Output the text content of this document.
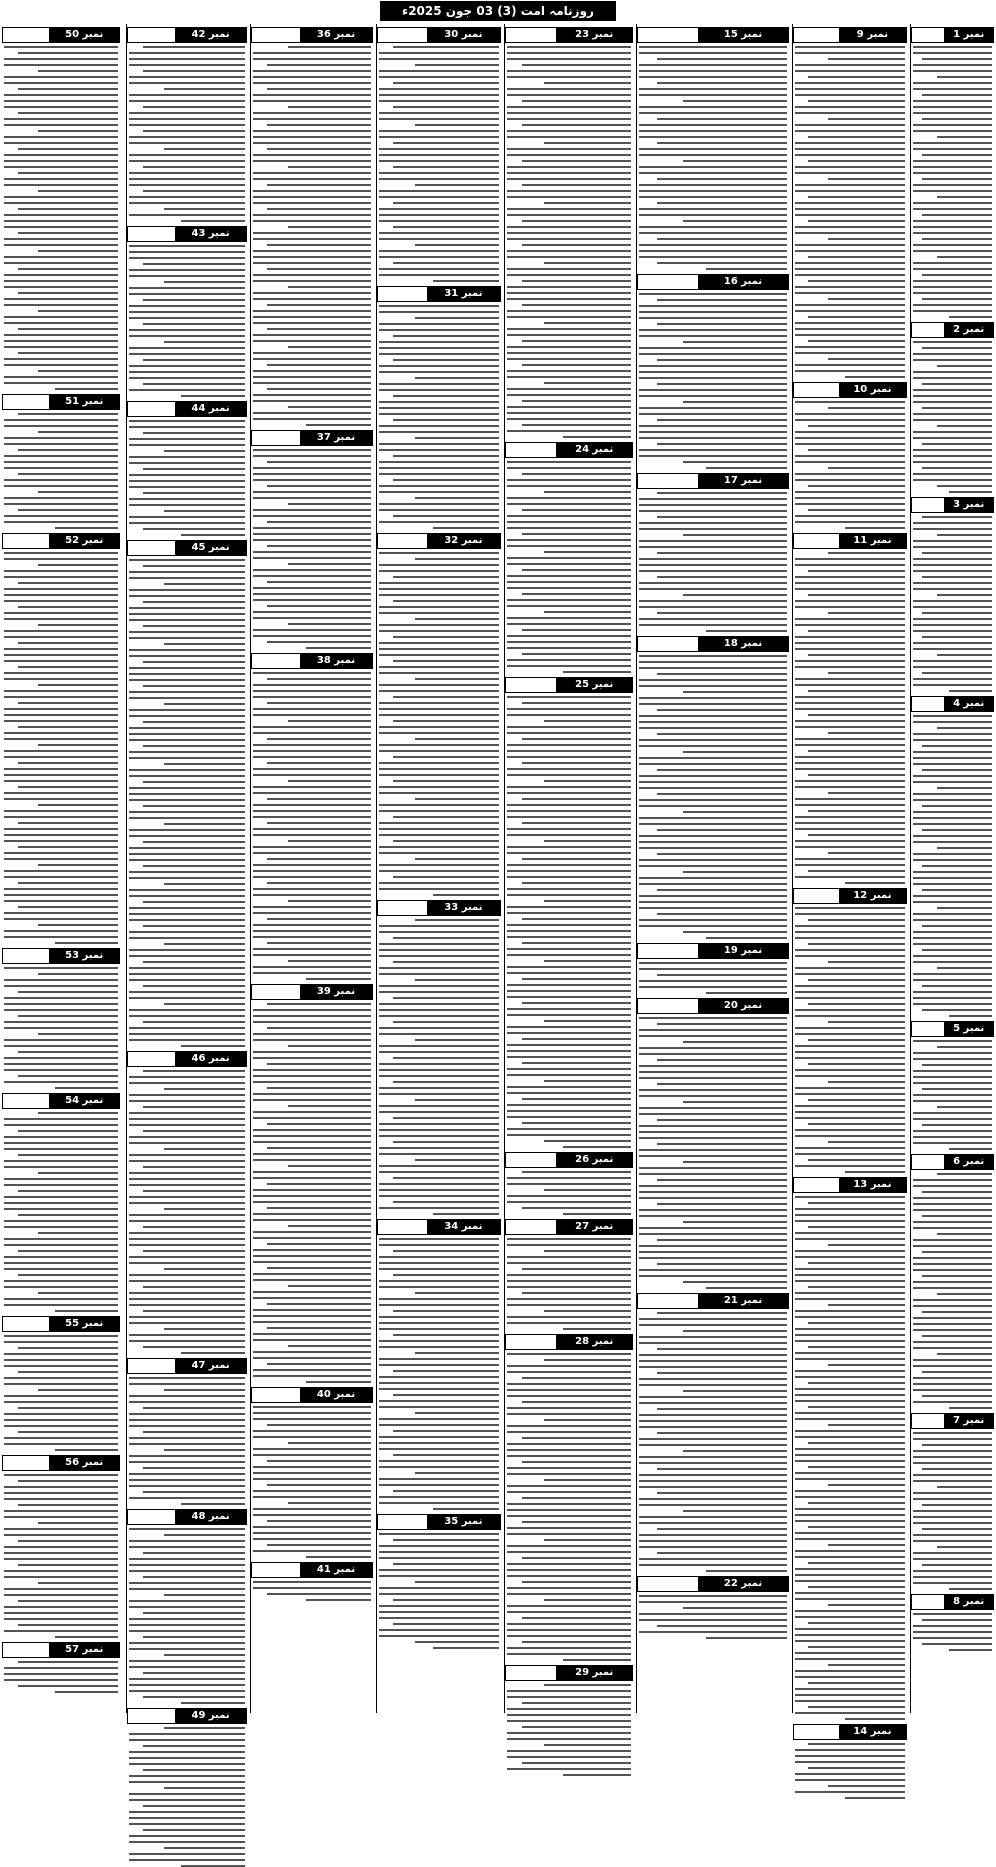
روزنامہ امت (3) 03 جون 2025ء
نمبر 1
نمبر 2
نمبر 3
نمبر 4
نمبر 5
نمبر 6
نمبر 7
نمبر 8
نمبر 9
نمبر 10
نمبر 11
نمبر 12
نمبر 13
نمبر 14
نمبر 15
نمبر 16
نمبر 17
نمبر 18
نمبر 19
نمبر 20
نمبر 21
نمبر 22
نمبر 23
نمبر 24
نمبر 25
نمبر 26
نمبر 27
نمبر 28
نمبر 29
نمبر 30
نمبر 31
نمبر 32
نمبر 33
نمبر 34
نمبر 35
نمبر 36
نمبر 37
نمبر 38
نمبر 39
نمبر 40
نمبر 41
نمبر 42
نمبر 43
نمبر 44
نمبر 45
نمبر 46
نمبر 47
نمبر 48
نمبر 49
نمبر 50
نمبر 51
نمبر 52
نمبر 53
نمبر 54
نمبر 55
نمبر 56
نمبر 57
